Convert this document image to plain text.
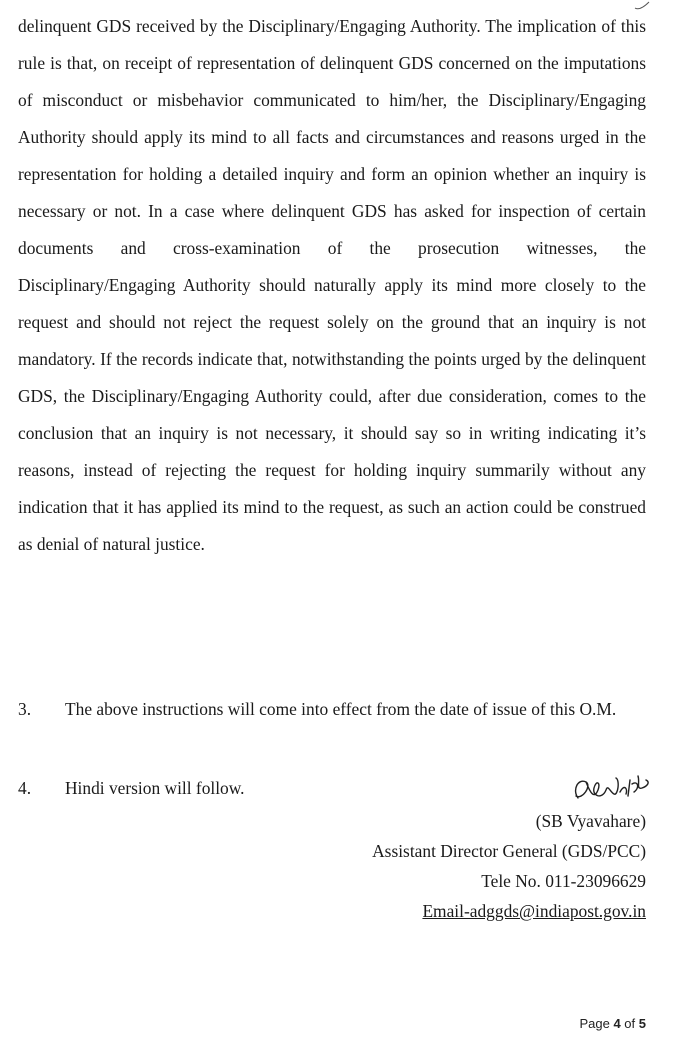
delinquent GDS received by the Disciplinary/Engaging Authority. The implication of this rule is that, on receipt of representation of delinquent GDS concerned on the imputations of misconduct or misbehavior communicated to him/her, the Disciplinary/Engaging Authority should apply its mind to all facts and circumstances and reasons urged in the representation for holding a detailed inquiry and form an opinion whether an inquiry is necessary or not. In a case where delinquent GDS has asked for inspection of certain documents and cross-examination of the prosecution witnesses, the Disciplinary/Engaging Authority should naturally apply its mind more closely to the request and should not reject the request solely on the ground that an inquiry is not mandatory. If the records indicate that, notwithstanding the points urged by the delinquent GDS, the Disciplinary/Engaging Authority could, after due consideration, comes to the conclusion that an inquiry is not necessary, it should say so in writing indicating it’s reasons, instead of rejecting the request for holding inquiry summarily without any indication that it has applied its mind to the request, as such an action could be construed as denial of natural justice.

3. The above instructions will come into effect from the date of issue of this O.M.

4. Hindi version will follow.

(SB Vyavahare)
Assistant Director General (GDS/PCC)
Tele No. 011-23096629
Email-adggds@indiapost.gov.in
Page 4 of 5
